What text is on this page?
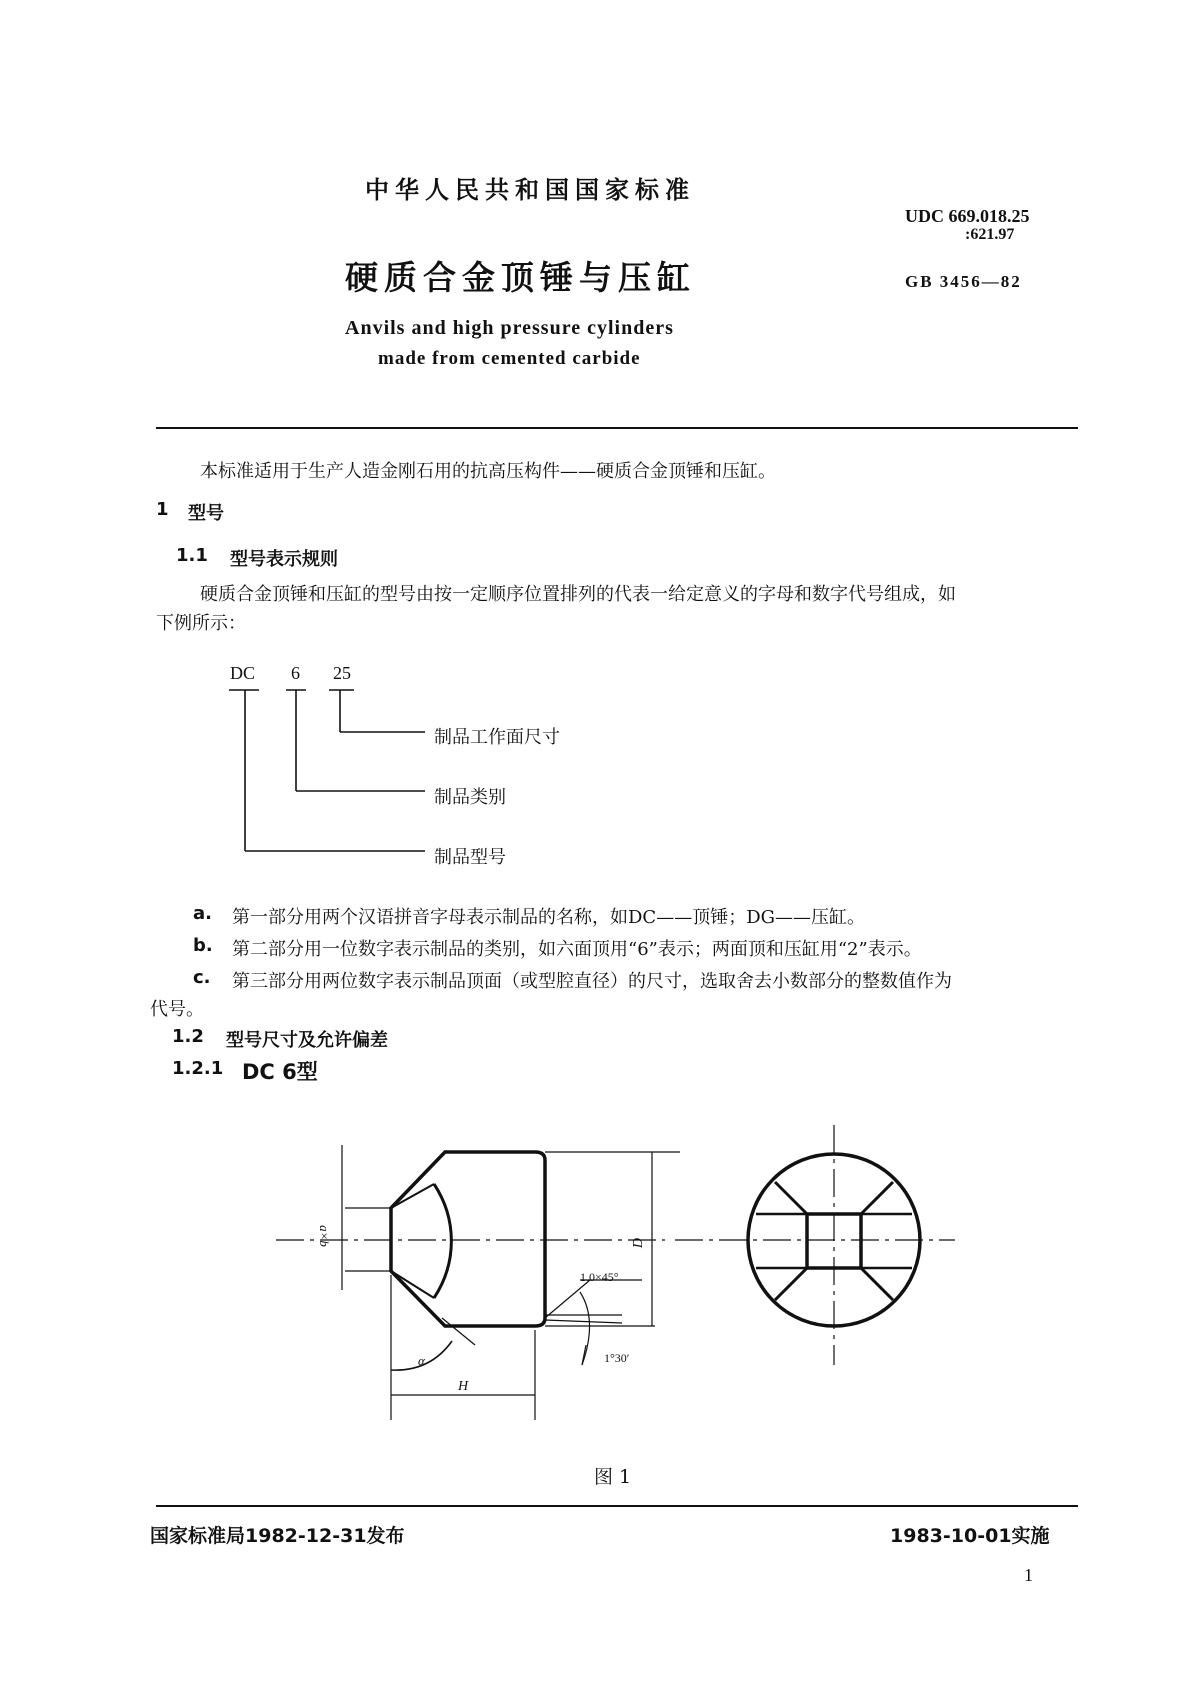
中华人民共和国国家标准
UDC 669.018.25
:621.97
硬质合金顶锤与压缸	GB 3456—82
Anvils and high pressure cylinders
made from cemented carbide
本标准适用于生产人造金刚石用的抗高压构件——硬质合金顶锤和压缸。
1 型号
1.1 型号表示规则
硬质合金顶锤和压缸的型号由按一定顺序位置排列的代表一给定意义的字母和数字代号组成，如
下例所示：
DC 6 25
制品工作面尺寸
制品类别
制品型号
a. 第一部分用两个汉语拼音字母表示制品的名称，如DC——顶锤；DG——压缸。
b. 第二部分用一位数字表示制品的类别，如六面顶用“6”表示；两面顶和压缸用“2”表示。
c. 第三部分用两位数字表示制品顶面（或型腔直径）的尺寸，选取舍去小数部分的整数值作为
代号。
1.2 型号尺寸及允许偏差
1.2.1 DC 6型
a×b	D
1.0×45°
1°30′
α
H
图 1
国家标准局1982-12-31发布	1983-10-01实施
1
